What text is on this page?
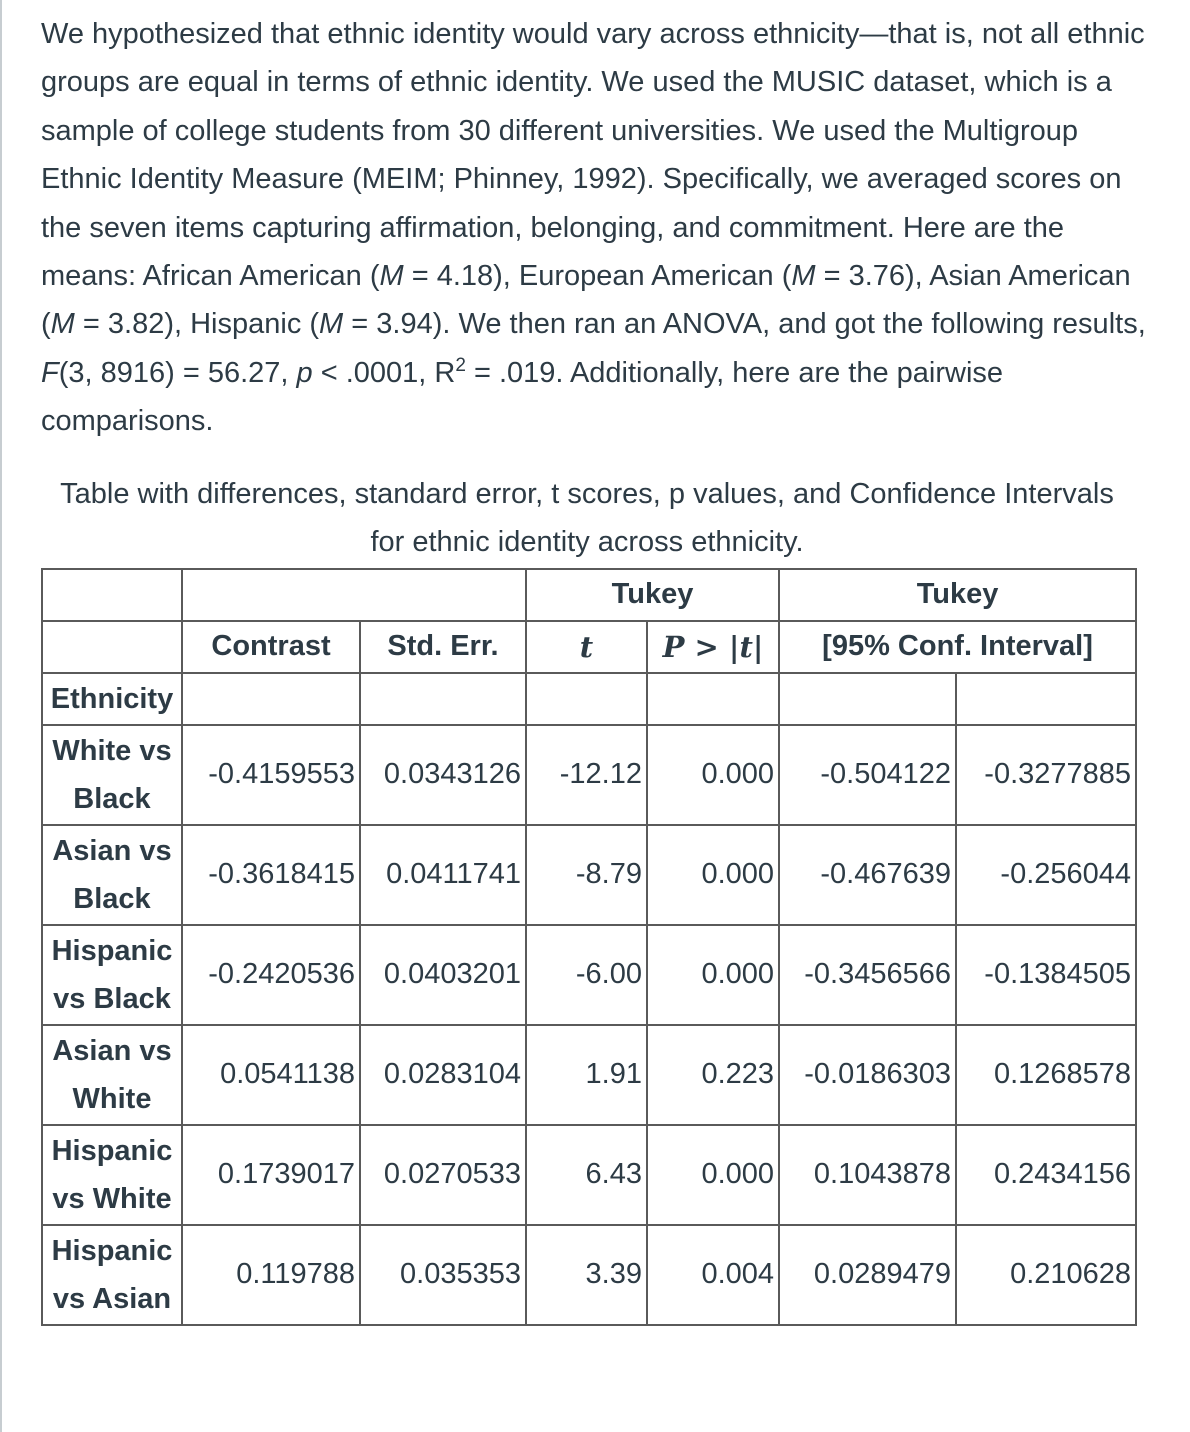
We hypothesized that ethnic identity would vary across ethnicity—that is, not all ethnic groups are equal in terms of ethnic identity. We used the MUSIC dataset, which is a sample of college students from 30 different universities. We used the Multigroup Ethnic Identity Measure (MEIM; Phinney, 1992). Specifically, we averaged scores on the seven items capturing affirmation, belonging, and commitment. Here are the means: African American (M = 4.18), European American (M = 3.76), Asian American (M = 3.82), Hispanic (M = 3.94). We then ran an ANOVA, and got the following results, F(3, 8916) = 56.27, p < .0001, $R^2 = .019$. Additionally, here are the pairwise comparisons.

Table with differences, standard error, t scores, p values, and Confidence Intervals for ethnic identity across ethnicity.
			Tukey		Tukey	
	Contrast	Std. Err.	t	P > |t|	[95% Conf. Interval]	
Ethnicity						
White vs Black	-0.4159553	0.0343126	-12.12	0.000	-0.504122	-0.3277885
Asian vs Black	-0.3618415	0.0411741	-8.79	0.000	-0.467639	-0.256044
Hispanic vs Black	-0.2420536	0.0403201	-6.00	0.000	-0.3456566	-0.1384505
Asian vs White	0.0541138	0.0283104	1.91	0.223	-0.0186303	0.1268578
Hispanic vs White	0.1739017	0.0270533	6.43	0.000	0.1043878	0.2434156
Hispanic vs Asian	0.119788	0.035353	3.39	0.004	0.0289479	0.210628
